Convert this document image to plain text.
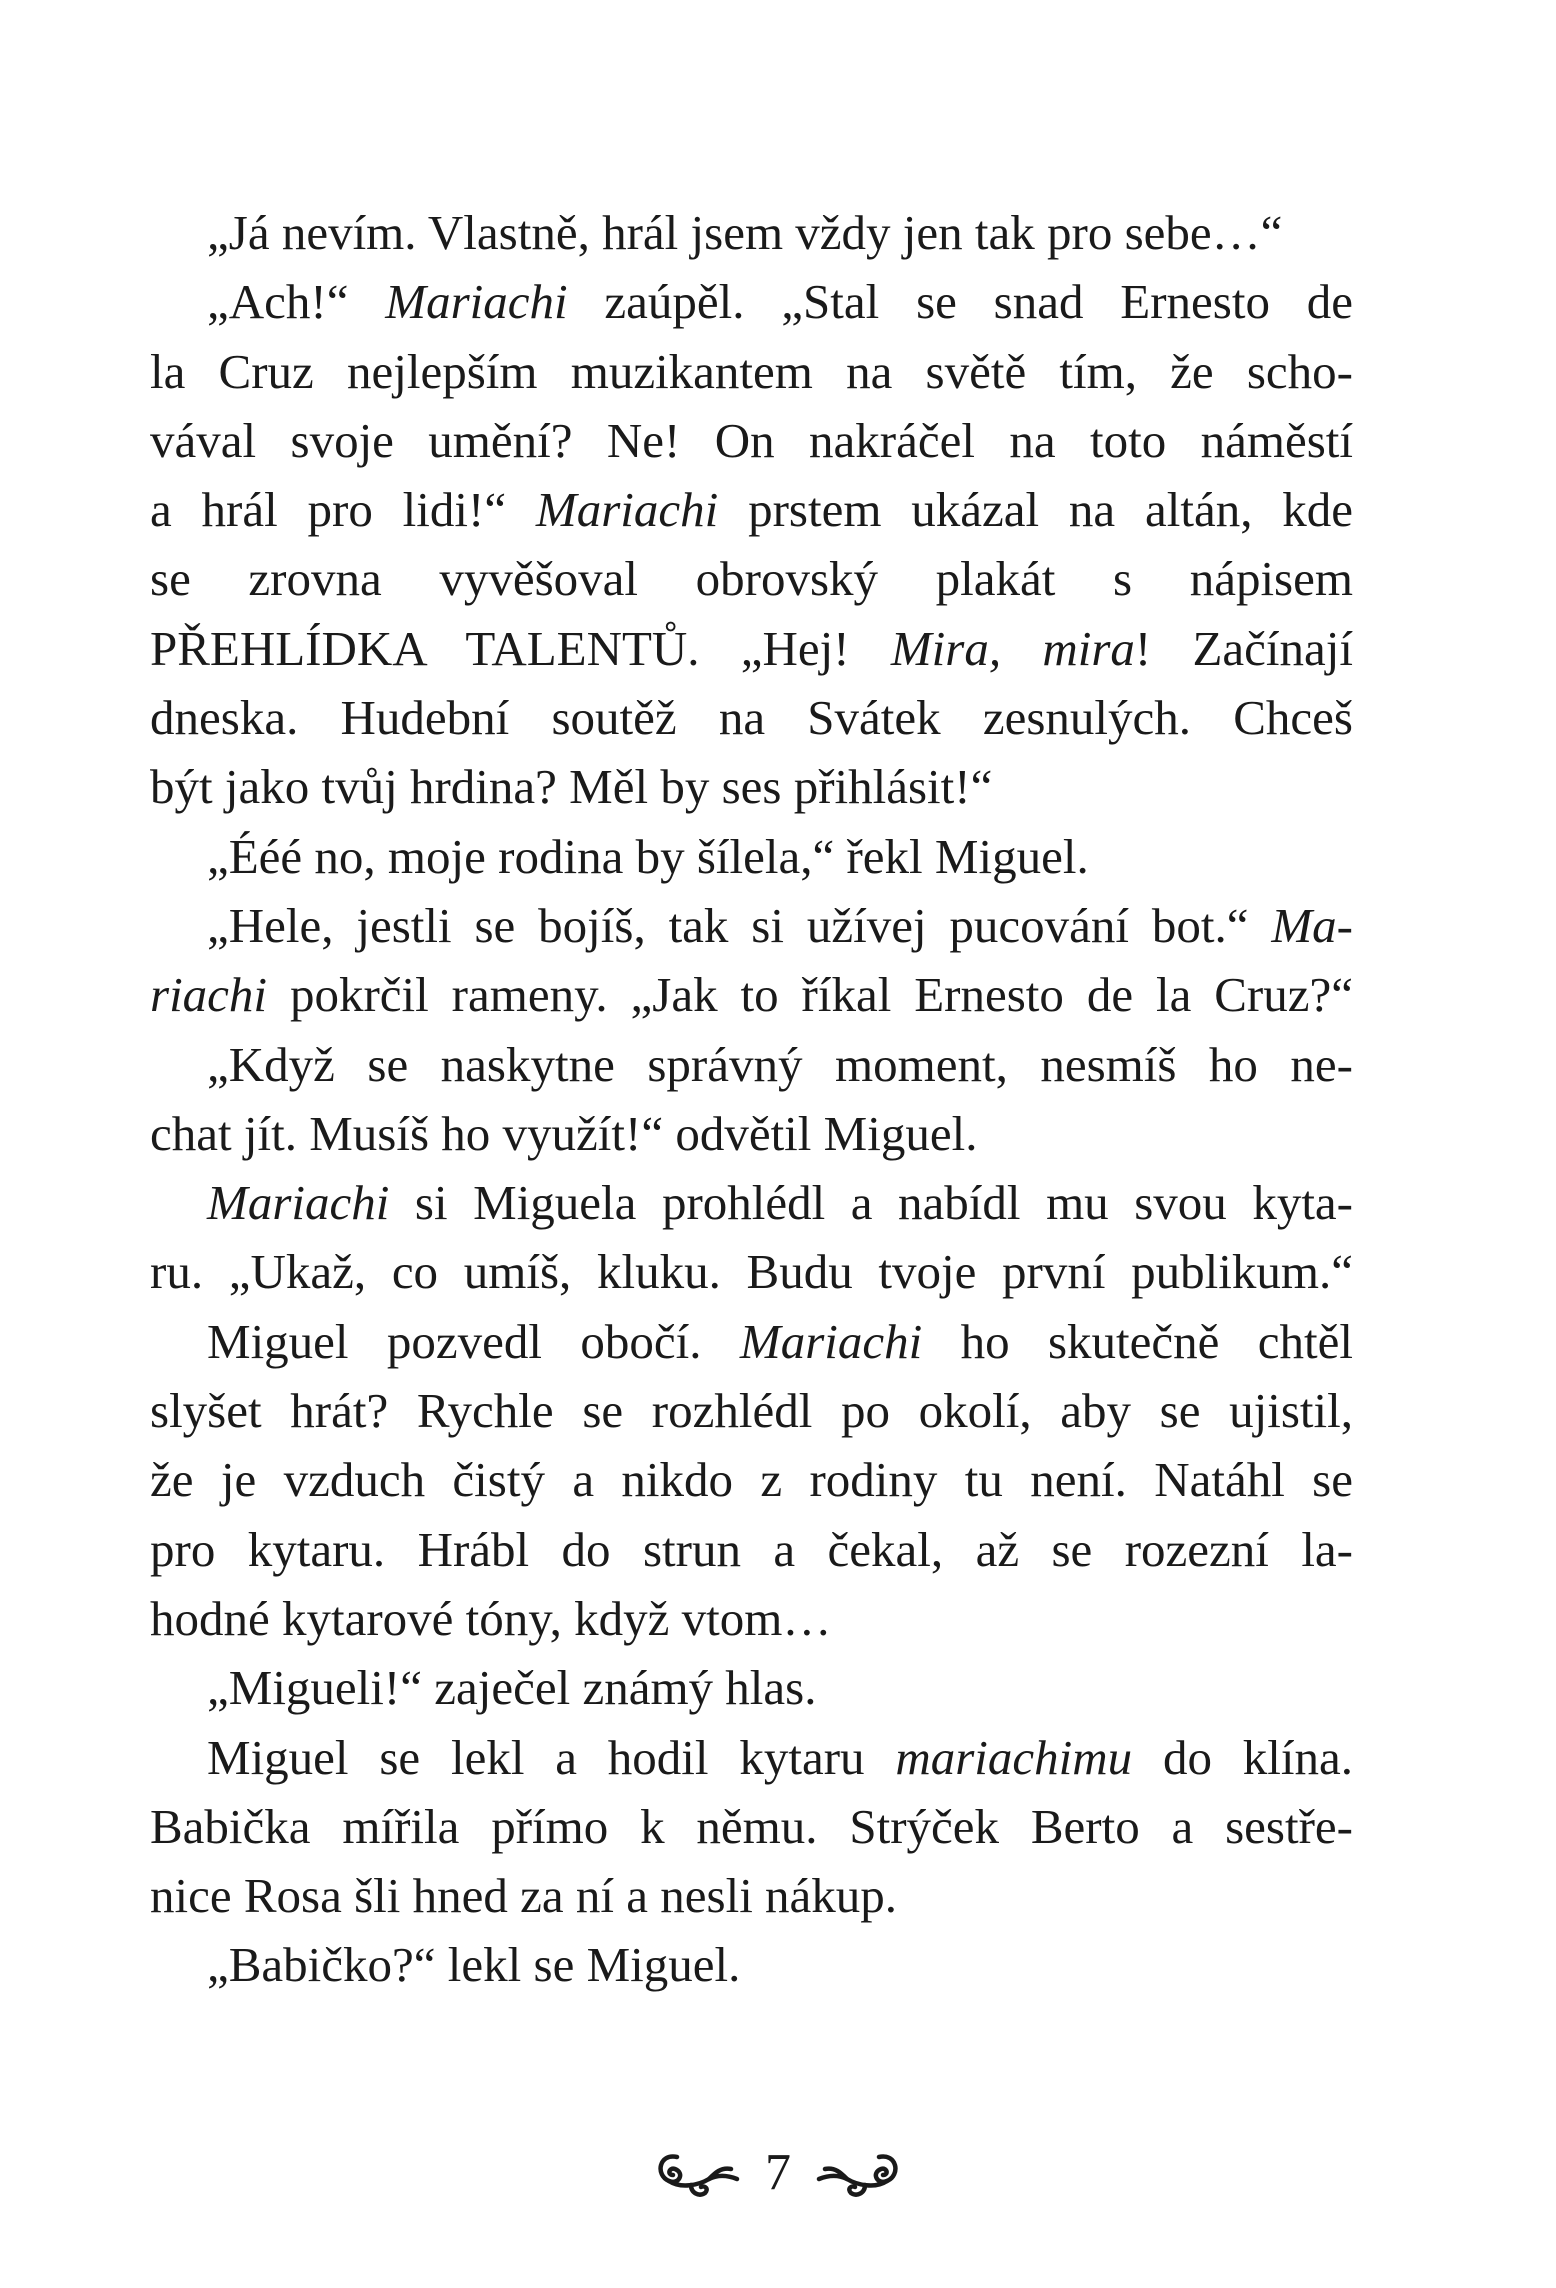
„Já nevím. Vlastně, hrál jsem vždy jen tak pro sebe…“
„Ach!“ Mariachi zaúpěl. „Stal se snad Ernesto de
la Cruz nejlepším muzikantem na světě tím, že scho-
vával svoje umění? Ne! On nakráčel na toto náměstí
a hrál pro lidi!“ Mariachi prstem ukázal na altán, kde
se zrovna vyvěšoval obrovský plakát s nápisem
PŘEHLÍDKA TALENTŮ. „Hej! Mira, mira! Začínají
dneska. Hudební soutěž na Svátek zesnulých. Chceš
být jako tvůj hrdina? Měl by ses přihlásit!“
„Ééé no, moje rodina by šílela,“ řekl Miguel.
„Hele, jestli se bojíš, tak si užívej pucování bot.“ Ma-
riachi pokrčil rameny. „Jak to říkal Ernesto de la Cruz?“
„Když se naskytne správný moment, nesmíš ho ne-
chat jít. Musíš ho využít!“ odvětil Miguel.
Mariachi si Miguela prohlédl a nabídl mu svou kyta-
ru. „Ukaž, co umíš, kluku. Budu tvoje první publikum.“
Miguel pozvedl obočí. Mariachi ho skutečně chtěl
slyšet hrát? Rychle se rozhlédl po okolí, aby se ujistil,
že je vzduch čistý a nikdo z rodiny tu není. Natáhl se
pro kytaru. Hrábl do strun a čekal, až se rozezní la-
hodné kytarové tóny, když vtom…
„Migueli!“ zaječel známý hlas.
Miguel se lekl a hodil kytaru mariachimu do klína.
Babička mířila přímo k němu. Strýček Berto a sestře-
nice Rosa šli hned za ní a nesli nákup.
„Babičko?“ lekl se Miguel.
7
